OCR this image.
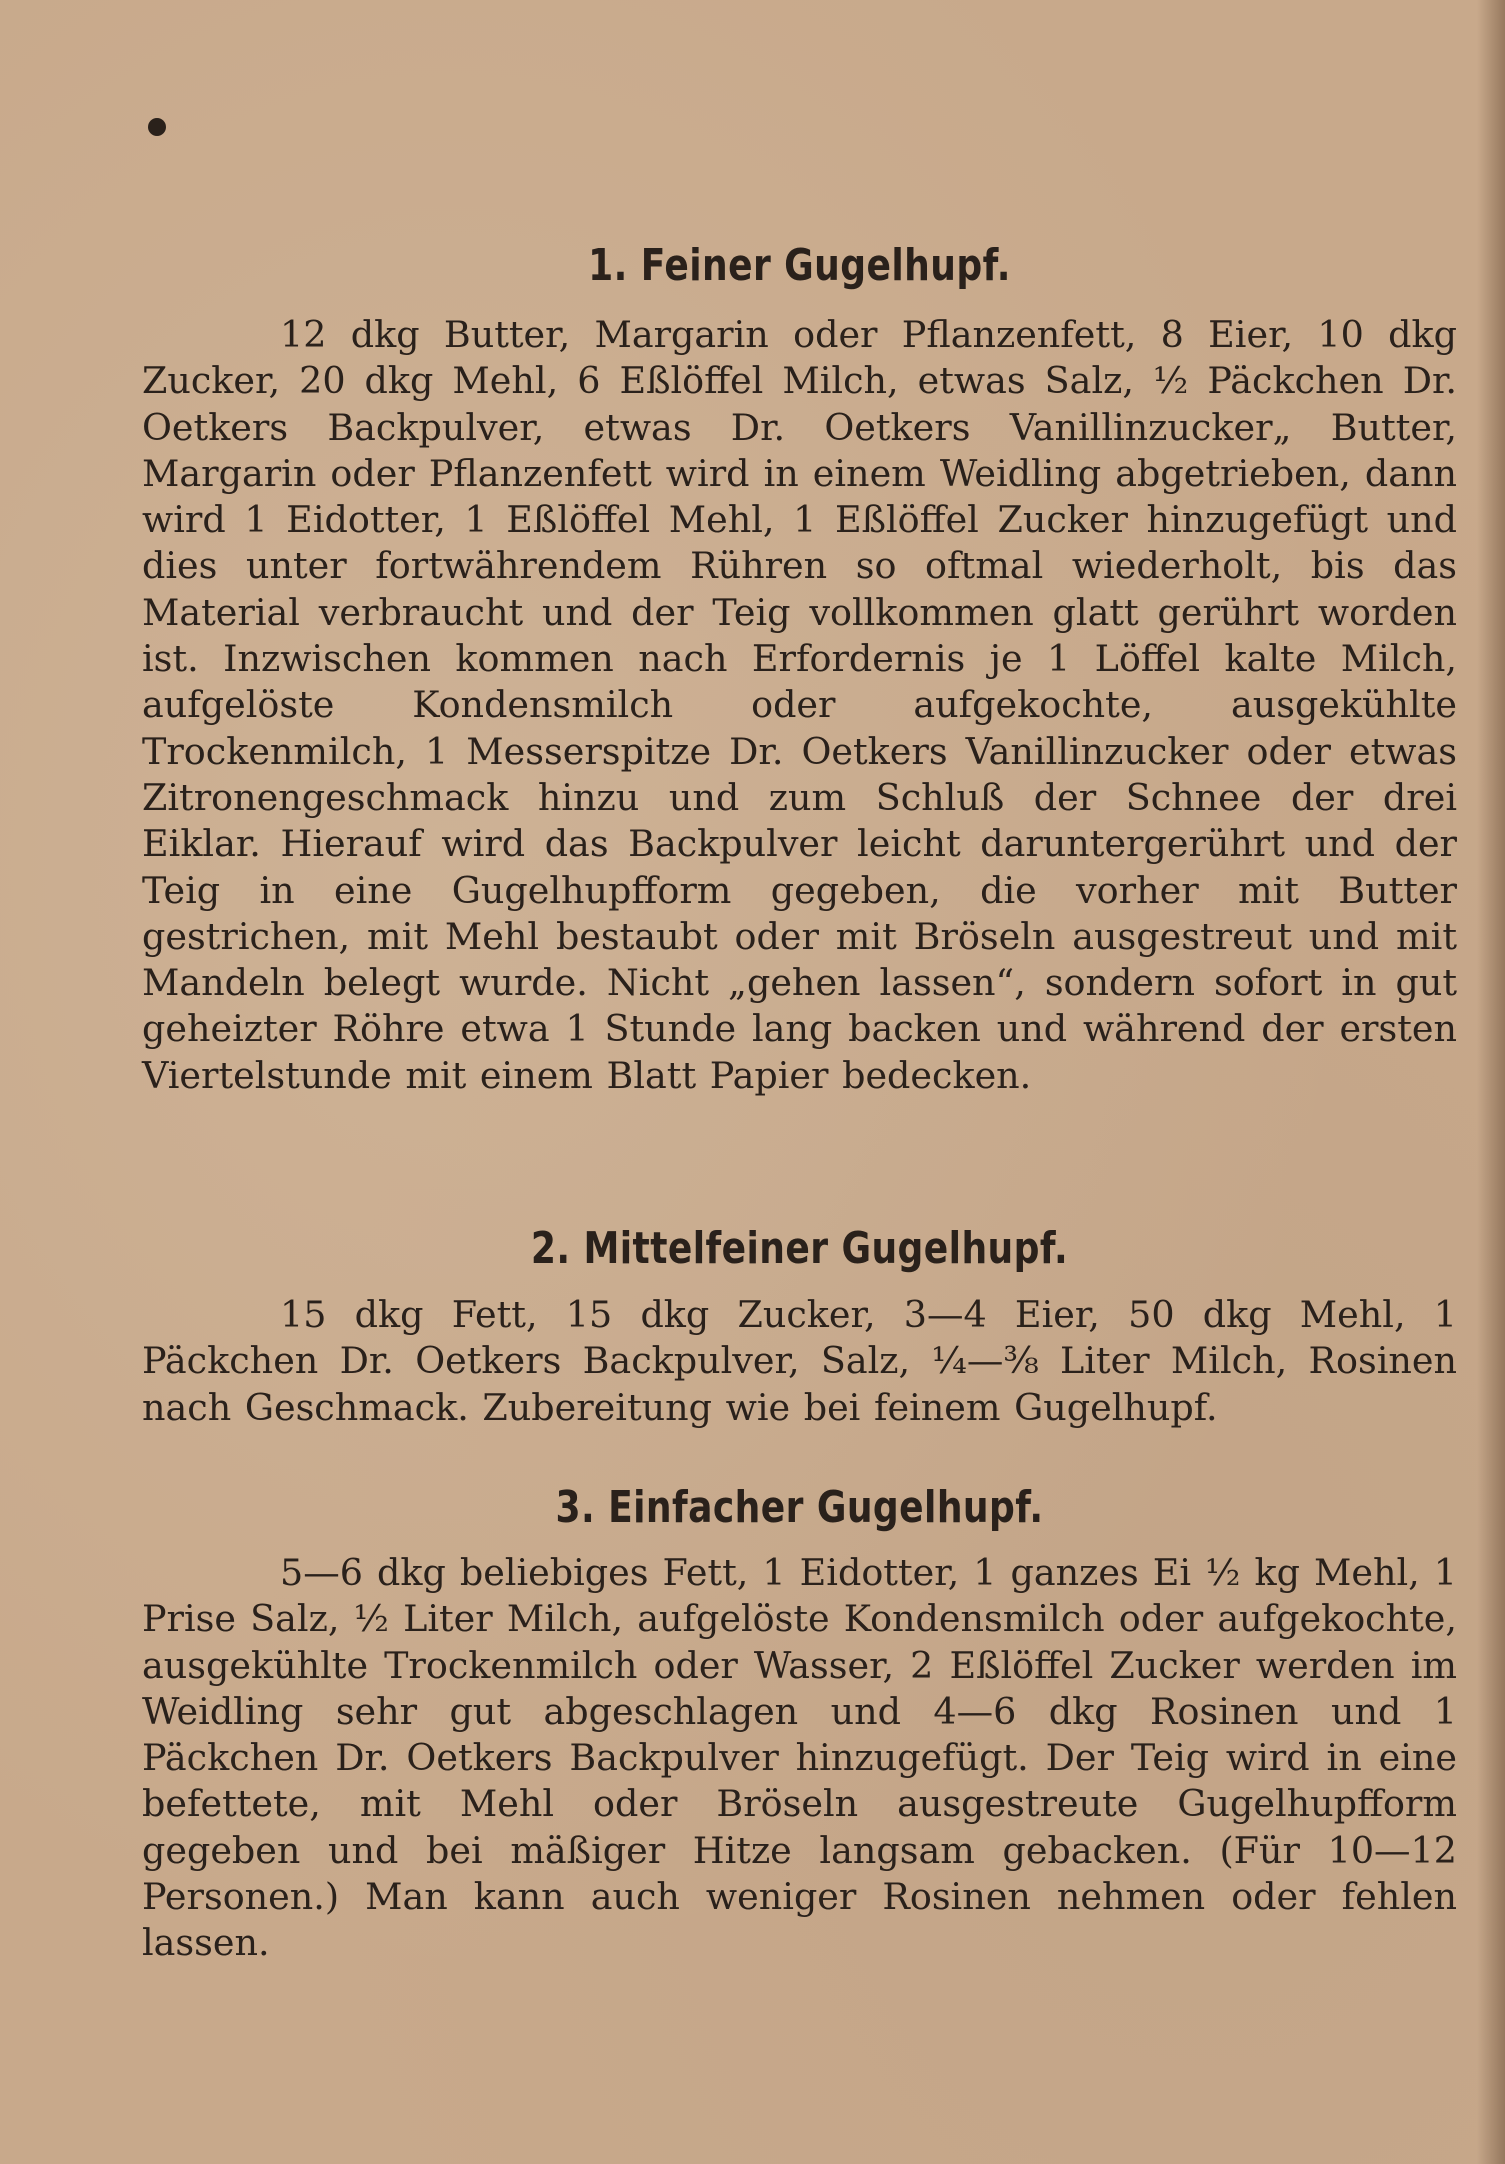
1. Feiner Gugelhupf.

12 dkg Butter, Margarin oder Pflanzenfett, 8 Eier, 10 dkg Zucker, 20 dkg Mehl, 6 Eßlöffel Milch, etwas Salz, ½ Päckchen Dr. Oetkers Backpulver, etwas Dr. Oetkers Vanillinzucker„ Butter, Margarin oder Pflanzenfett wird in einem Weidling abgetrieben, dann wird 1 Eidotter, 1 Eßlöffel Mehl, 1 Eßlöffel Zucker hinzugefügt und dies unter fortwährendem Rühren so oftmal wiederholt, bis das Material verbraucht und der Teig vollkommen glatt gerührt worden ist. Inzwischen kommen nach Erfordernis je 1 Löffel kalte Milch, aufgelöste Kondensmilch oder aufgekochte, ausgekühlte Trockenmilch, 1 Messerspitze Dr. Oetkers Vanillinzucker oder etwas Zitronengeschmack hinzu und zum Schluß der Schnee der drei Eiklar. Hierauf wird das Backpulver leicht daruntergerührt und der Teig in eine Gugelhupfform gegeben, die vorher mit Butter gestrichen, mit Mehl bestaubt oder mit Bröseln ausgestreut und mit Mandeln belegt wurde. Nicht „gehen lassen“, sondern sofort in gut geheizter Röhre etwa 1 Stunde lang backen und während der ersten Viertelstunde mit einem Blatt Papier bedecken.

2. Mittelfeiner Gugelhupf.

15 dkg Fett, 15 dkg Zucker, 3—4 Eier, 50 dkg Mehl, 1 Päckchen Dr. Oetkers Backpulver, Salz, ¼—⅜ Liter Milch, Rosinen nach Geschmack. Zubereitung wie bei feinem Gugelhupf.

3. Einfacher Gugelhupf.

5—6 dkg beliebiges Fett, 1 Eidotter, 1 ganzes Ei ½ kg Mehl, 1 Prise Salz, ½ Liter Milch, aufgelöste Kondensmilch oder aufgekochte, ausgekühlte Trockenmilch oder Wasser, 2 Eßlöffel Zucker werden im Weidling sehr gut abgeschlagen und 4—6 dkg Rosinen und 1 Päckchen Dr. Oetkers Backpulver hinzugefügt. Der Teig wird in eine befettete, mit Mehl oder Bröseln ausgestreute Gugelhupfform gegeben und bei mäßiger Hitze langsam gebacken. (Für 10—12 Personen.) Man kann auch weniger Rosinen nehmen oder fehlen lassen.
